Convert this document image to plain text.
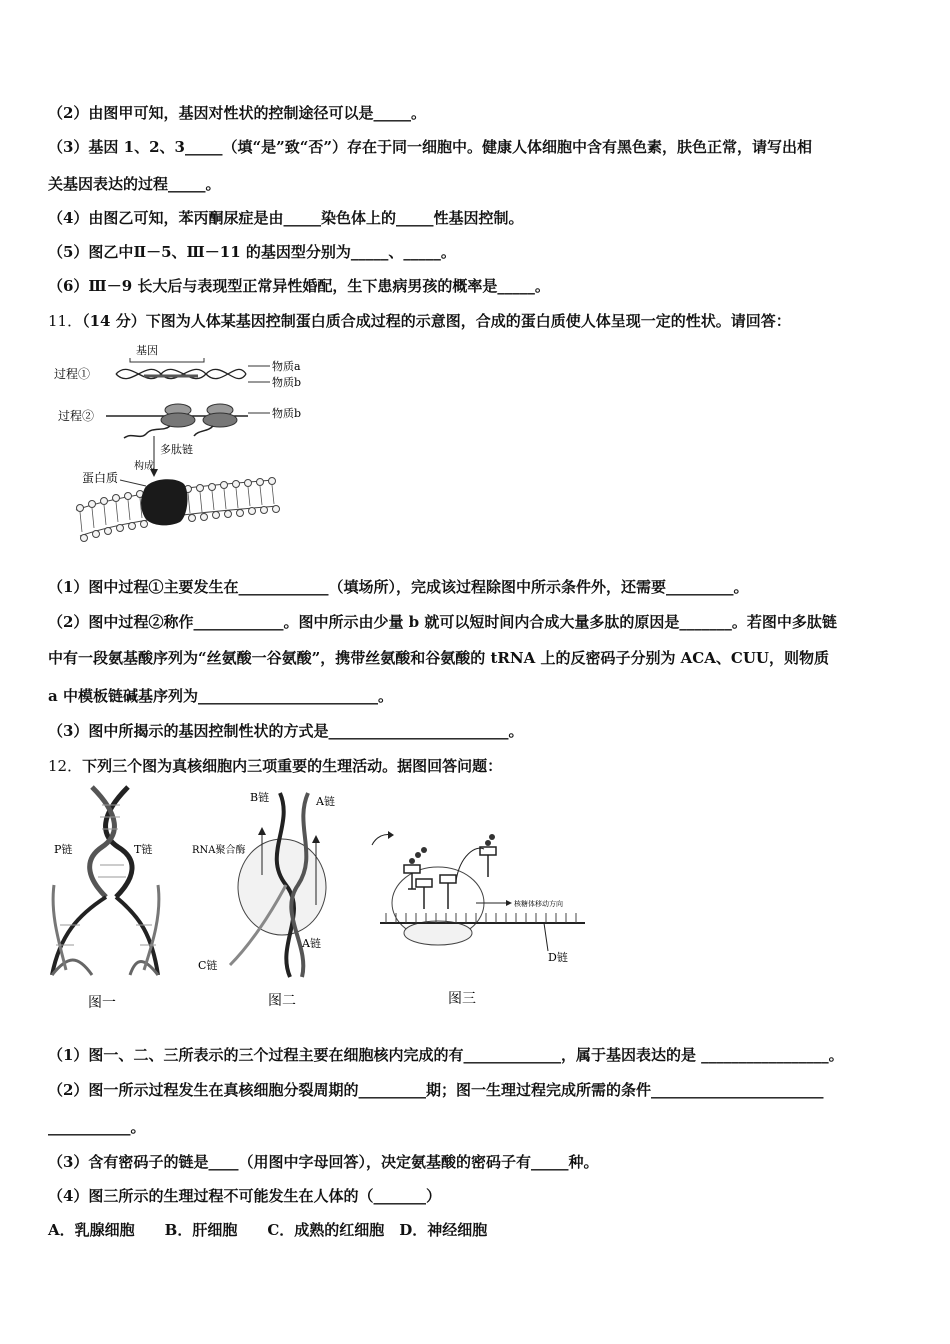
（2）由图甲可知，基因对性状的控制途径可以是_____。
（3）基因 1、2、3_____（填“是”致“否”）存在于同一细胞中。健康人体细胞中含有黑色素，肤色正常，请写出相
关基因表达的过程_____。
（4）由图乙可知，苯丙酮尿症是由_____染色体上的_____性基因控制。
（5）图乙中Ⅱ－5、Ⅲ－11 的基因型分别为_____、_____。
（6）Ⅲ－9 长大后与表现型正常异性婚配，生下患病男孩的概率是_____。
11．（14 分）下图为人体某基因控制蛋白质合成过程的示意图，合成的蛋白质使人体呈现一定的性状。请回答：
基因
过程①
物质a
物质b
过程②	物质b
多肽链
构成
蛋白质
（1）图中过程①主要发生在____________（填场所），完成该过程除图中所示条件外，还需要_________。
（2）图中过程②称作____________。图中所示由少量 b 就可以短时间内合成大量多肽的原因是_______。若图中多肽链
中有一段氨基酸序列为“丝氨酸一谷氨酸”，携带丝氨酸和谷氨酸的 tRNA 上的反密码子分别为 ACA、CUU，则物质
a 中模板链碱基序列为________________________。
（3）图中所揭示的基因控制性状的方式是________________________。
12．下列三个图为真核细胞内三项重要的生理活动。据图回答问题：
P链	T链
图一
B链	A链
RNA聚合酶
C链
A链
图二
核糖体移动方向
D链
图三
（1）图一、二、三所表示的三个过程主要在细胞核内完成的有_____________，属于基因表达的是 _________________。
（2）图一所示过程发生在真核细胞分裂周期的_________期；图一生理过程完成所需的条件_______________________
___________。
（3）含有密码子的链是____（用图中字母回答），决定氨基酸的密码子有_____种。
（4）图三所示的生理过程不可能发生在人体的（_______）
A．乳腺细胞　　B．肝细胞　　C．成熟的红细胞　D．神经细胞
